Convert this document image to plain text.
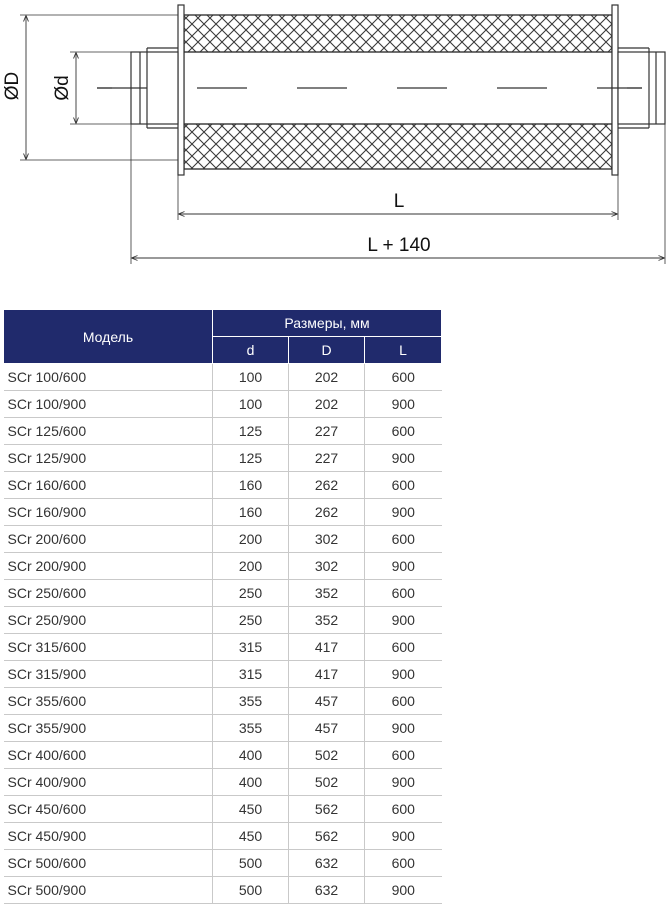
ØD Ød
L
L + 140
Модель	Размеры, мм		
	d	D	L
SCr 100/600	100	202	600
SCr 100/900	100	202	900
SCr 125/600	125	227	600
SCr 125/900	125	227	900
SCr 160/600	160	262	600
SCr 160/900	160	262	900
SCr 200/600	200	302	600
SCr 200/900	200	302	900
SCr 250/600	250	352	600
SCr 250/900	250	352	900
SCr 315/600	315	417	600
SCr 315/900	315	417	900
SCr 355/600	355	457	600
SCr 355/900	355	457	900
SCr 400/600	400	502	600
SCr 400/900	400	502	900
SCr 450/600	450	562	600
SCr 450/900	450	562	900
SCr 500/600	500	632	600
SCr 500/900	500	632	900
